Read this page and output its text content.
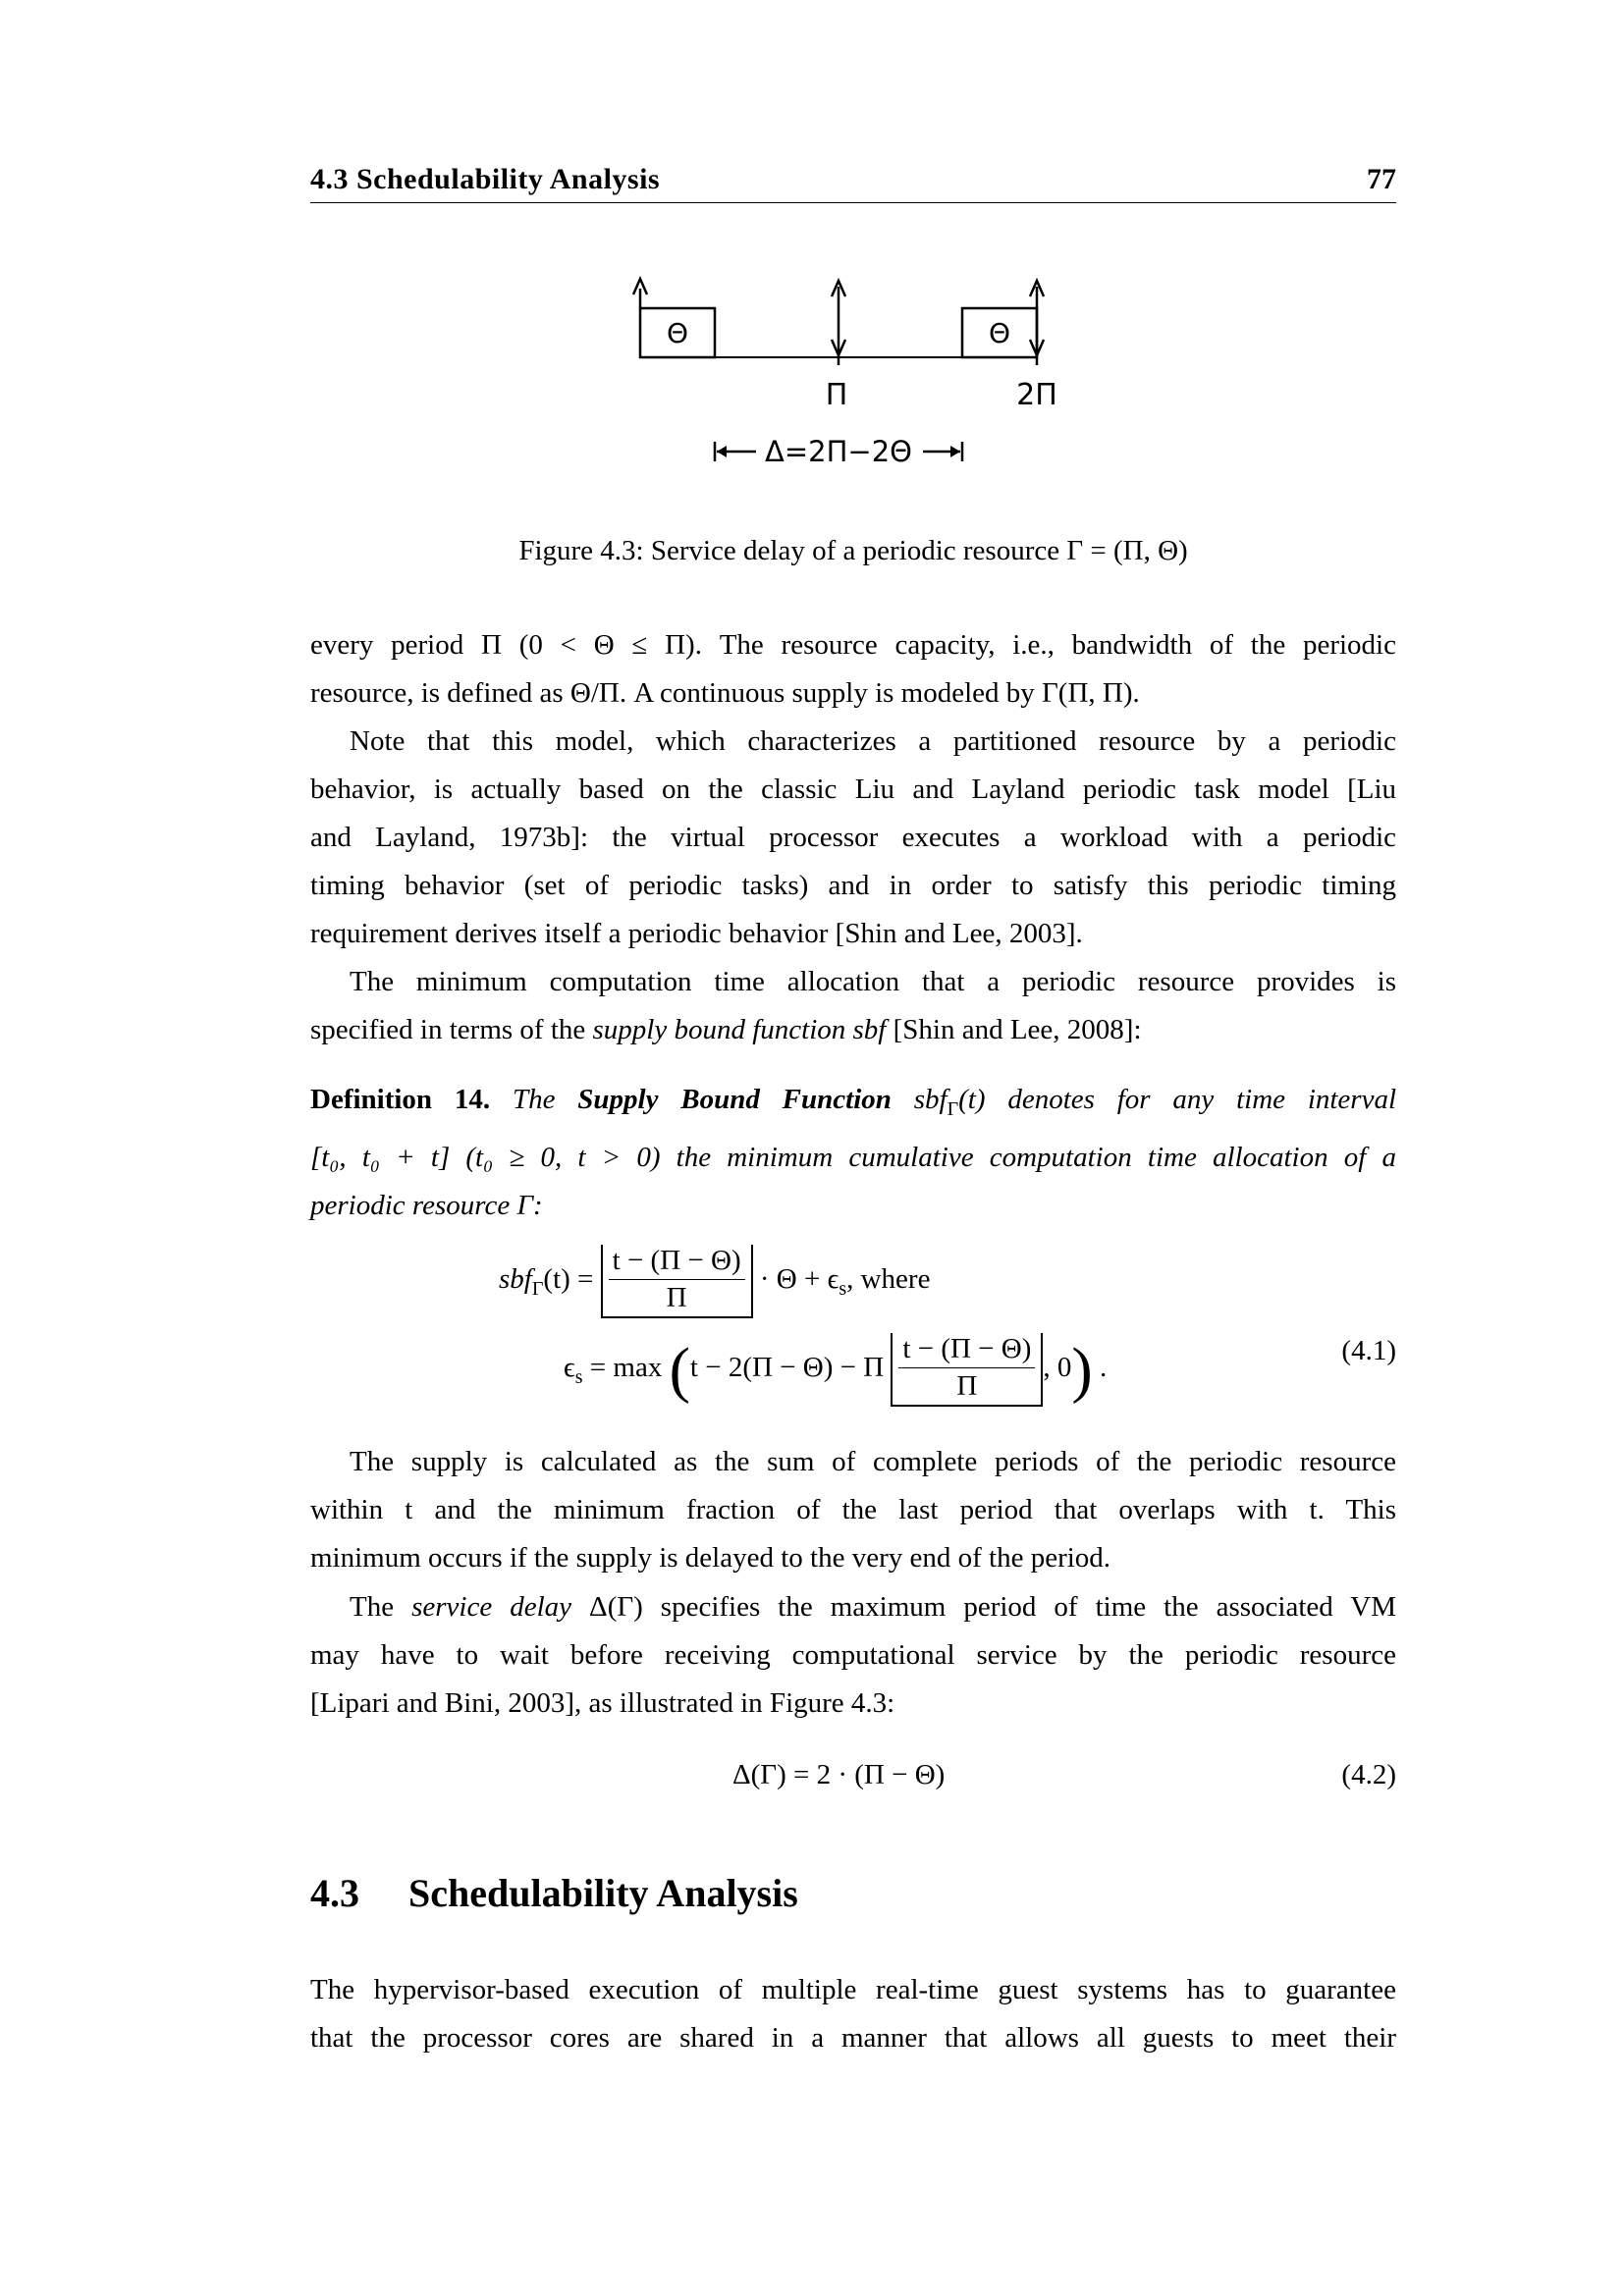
4.3 Schedulability Analysis	77
Θ	Θ
Π	2Π
Δ=2Π−2Θ
Figure 4.3: Service delay of a periodic resource Γ = (Π, Θ)
every period Π (0 < Θ ≤ Π). The resource capacity, i.e., bandwidth of the periodic
resource, is defined as Θ/Π. A continuous supply is modeled by Γ(Π, Π).
Note that this model, which characterizes a partitioned resource by a periodic
behavior, is actually based on the classic Liu and Layland periodic task model [Liu
and Layland, 1973b]: the virtual processor executes a workload with a periodic
timing behavior (set of periodic tasks) and in order to satisfy this periodic timing
requirement derives itself a periodic behavior [Shin and Lee, 2003].
The minimum computation time allocation that a periodic resource provides is
specified in terms of the supply bound function sbf [Shin and Lee, 2008]:
Definition 14. The Supply Bound Function sbf$_\Gamma$(t) denotes for any time interval
[t₀, t₀ + t] (t₀ ≥ 0, t > 0) the minimum cumulative computation time allocation of a
periodic resource Γ:
$sbf_\Gamma(t) = \frac{t - (\Pi - \Theta)}{\Pi} \cdot \Theta + \epsilon_s$, where
$\epsilon_s = \max (t - 2(\Pi - \Theta) - \Pi \frac{t - (\Pi - \Theta)}{\Pi}$ , 0) .
(4.1)
The supply is calculated as the sum of complete periods of the periodic resource
within t and the minimum fraction of the last period that overlaps with t. This
minimum occurs if the supply is delayed to the very end of the period.
The service delay Δ(Γ) specifies the maximum period of time the associated VM
may have to wait before receiving computational service by the periodic resource
[Lipari and Bini, 2003], as illustrated in Figure 4.3:
Δ(Γ) = 2 · (Π − Θ)	(4.2)
4.3 Schedulability Analysis
The hypervisor-based execution of multiple real-time guest systems has to guarantee
that the processor cores are shared in a manner that allows all guests to meet their
